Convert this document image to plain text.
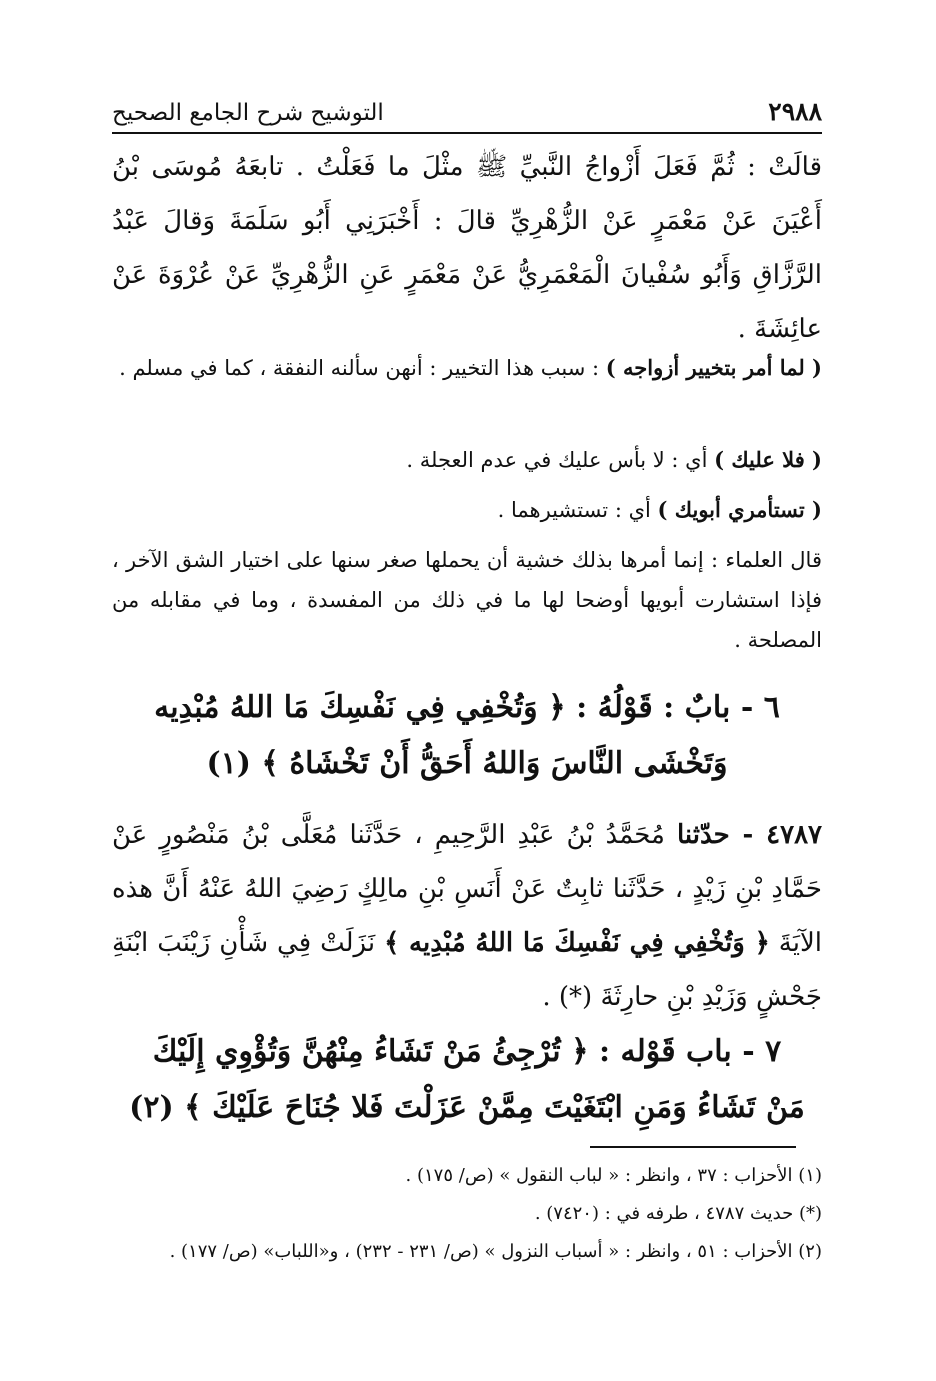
٢٩٨٨
التوشيح شرح الجامع الصحيح

قالَتْ : ثُمَّ فَعَلَ أَزْواجُ النَّبيِّ ﷺ مثْلَ ما فَعَلْتُ . تابعَهُ مُوسَى بْنُ أَعْيَنَ عَنْ مَعْمَرٍ عَنْ الزُّهْرِيِّ قالَ : أَخْبَرَنِي أَبُو سَلَمَةَ وَقالَ عَبْدُ الرَّزَّاقِ وَأَبُو سُفْيانَ الْمَعْمَرِيُّ عَنْ مَعْمَرٍ عَنِ الزُّهْرِيِّ عَنْ عُرْوَةَ عَنْ عائِشَةَ .

( لما أمر بتخيير أزواجه ) : سبب هذا التخيير : أنهن سألنه النفقة ، كما في مسلم .

( فلا عليك ) أي : لا بأس عليك في عدم العجلة .

( تستأمري أبويك ) أي : تستشيرهما .

قال العلماء : إنما أمرها بذلك خشية أن يحملها صغر سنها على اختيار الشق الآخر ، فإذا استشارت أبويها أوضحا لها ما في ذلك من المفسدة ، وما في مقابله من المصلحة .

٦ - بابٌ : قَوْلُهُ : ﴿ وَتُخْفِي فِي نَفْسِكَ مَا اللهُ مُبْدِيه
وَتَخْشَى النَّاسَ وَاللهُ أَحَقُّ أَنْ تَخْشَاهُ ﴾ (١)

٤٧٨٧ - حدّثنا مُحَمَّدُ بْنُ عَبْدِ الرَّحِيمِ ، حَدَّثَنا مُعَلَّى بْنُ مَنْصُورٍ عَنْ حَمَّادِ بْنِ زَيْدٍ ، حَدَّثَنا ثابِتٌ عَنْ أَنَسِ بْنِ مالِكٍ رَضِيَ اللهُ عَنْهُ أَنَّ هذه الآيَةَ ﴿ وَتُخْفِي فِي نَفْسِكَ مَا اللهُ مُبْدِيه ﴾ نَزَلَتْ فِي شَأْنِ زَيْنَبَ ابْنَةِ جَحْشٍ وَزَيْدِ بْنِ حارِثَةَ (*) .

٧ - باب قَوْله : ﴿ تُرْجِئُ مَنْ تَشَاءُ مِنْهُنَّ وَتُؤْوِي إِلَيْكَ
مَنْ تَشَاءُ وَمَنِ ابْتَغَيْتَ مِمَّنْ عَزَلْتَ فَلا جُنَاحَ عَلَيْكَ ﴾ (٢)

(١) الأحزاب : ٣٧ ، وانظر : « لباب النقول » (ص/ ١٧٥) .

(*) حديث ٤٧٨٧ ، طرفه في : (٧٤٢٠) .

(٢) الأحزاب : ٥١ ، وانظر : « أسباب النزول » (ص/ ٢٣١ - ٢٣٢) ، و«اللباب» (ص/ ١٧٧) .
